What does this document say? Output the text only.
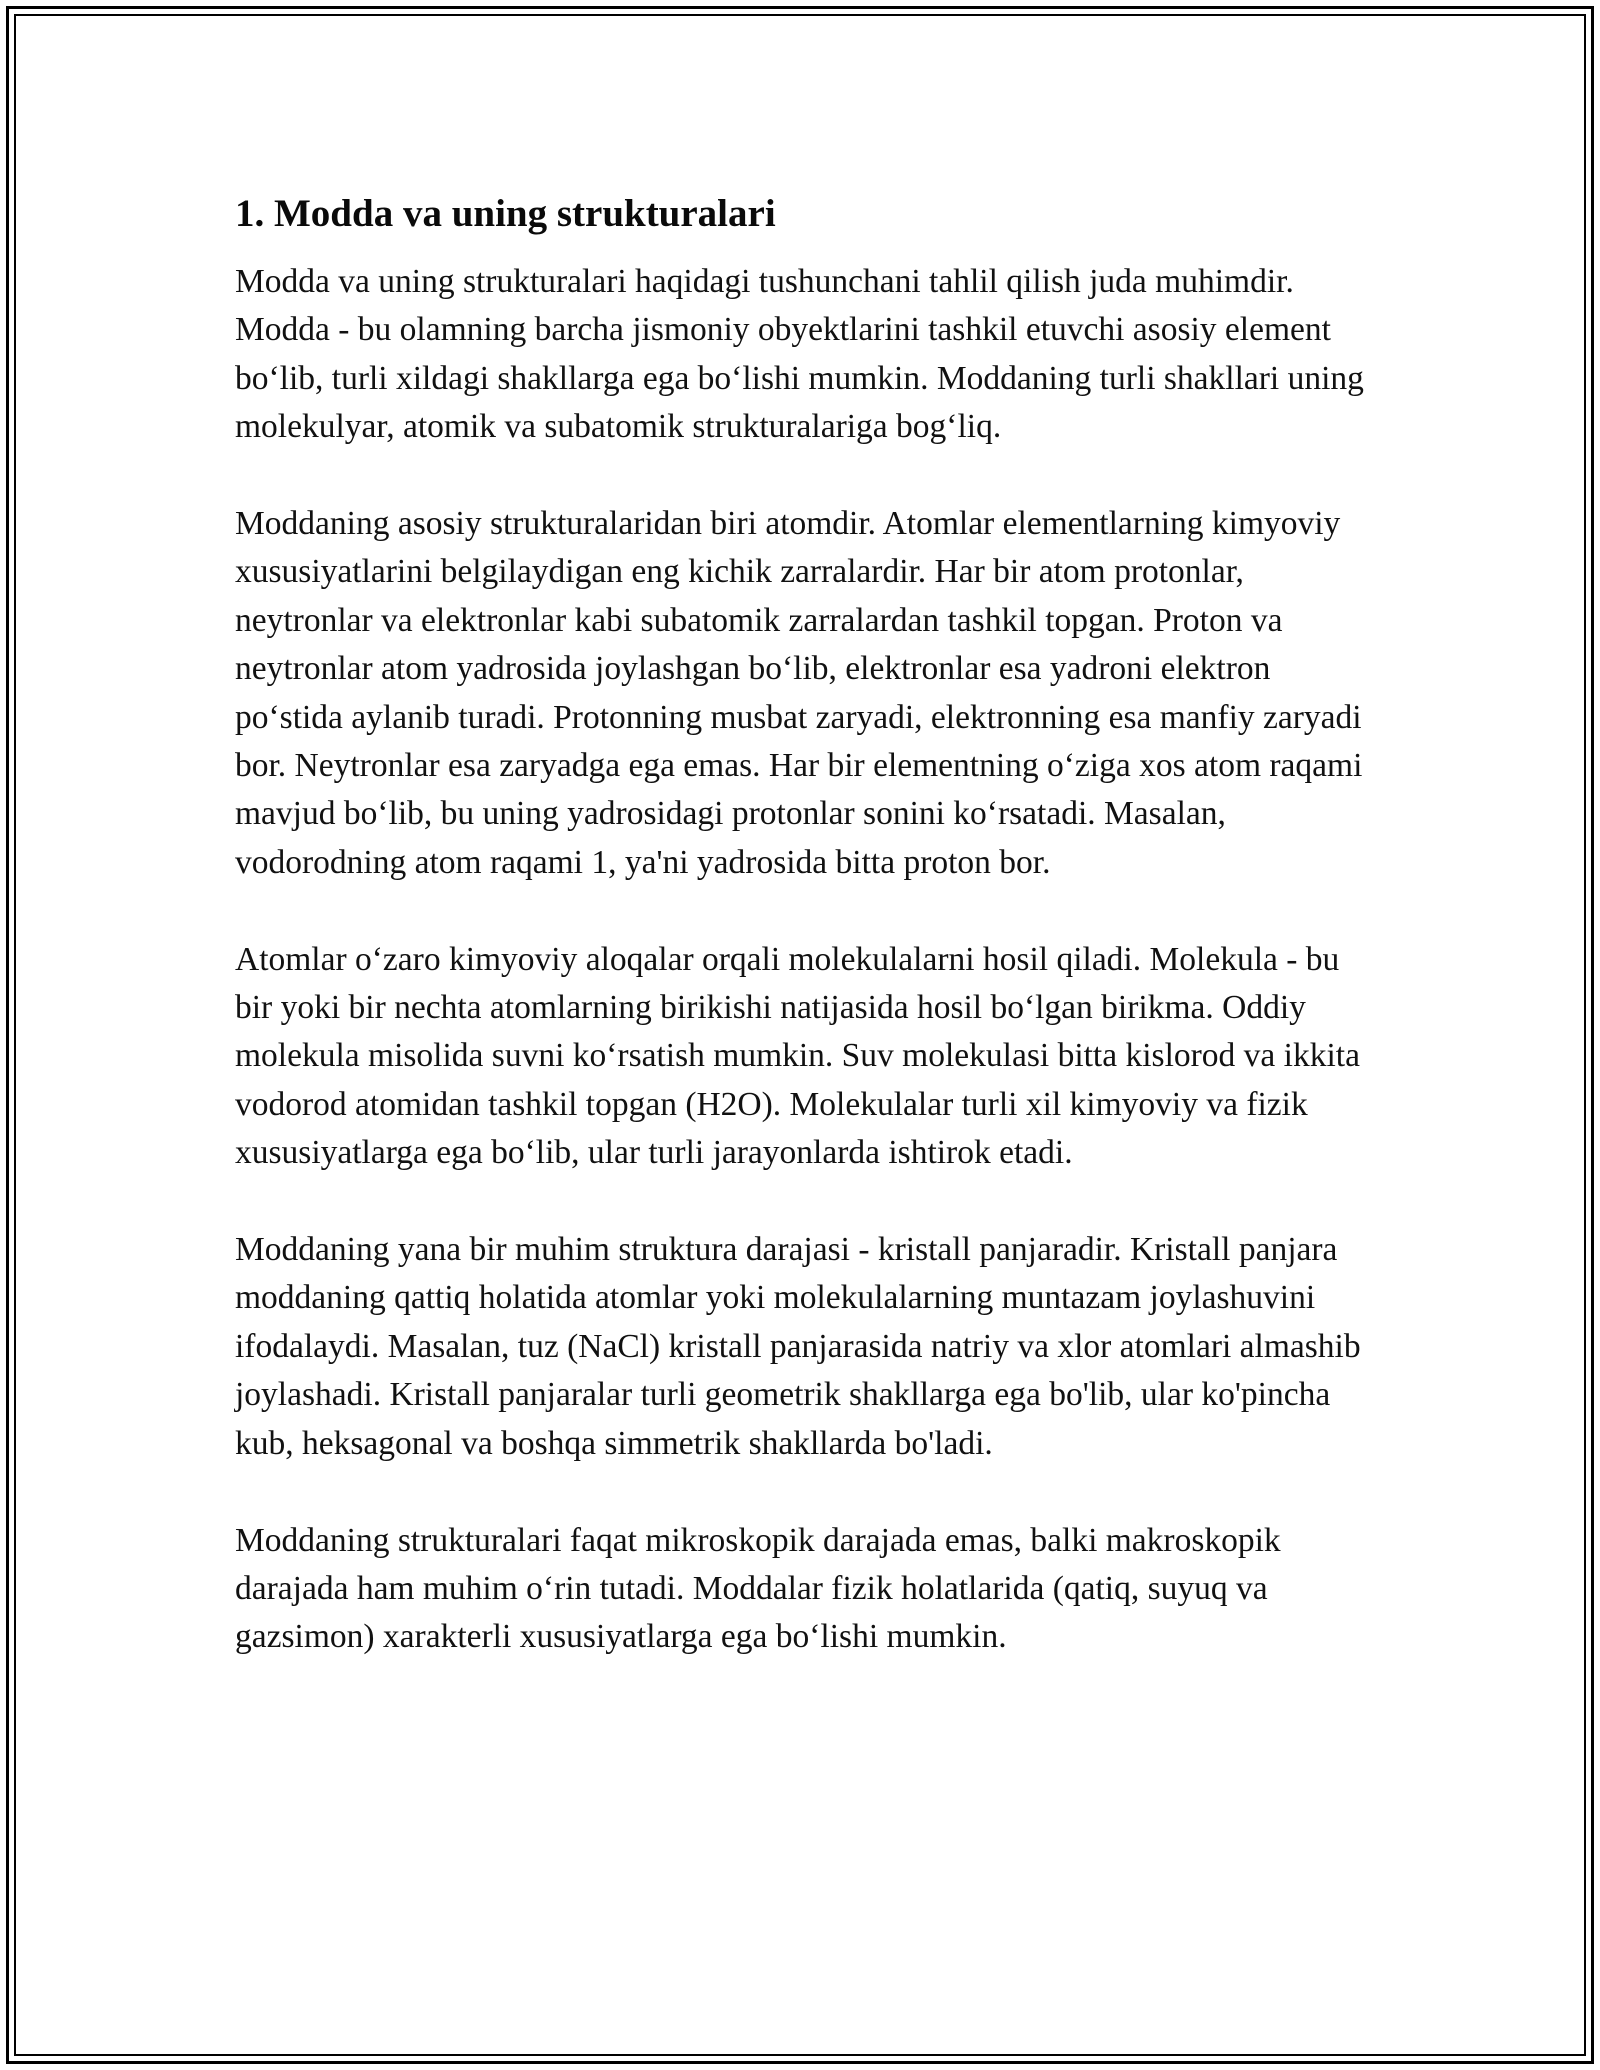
1. Modda va uning strukturalari

Modda va uning strukturalari haqidagi tushunchani tahlil qilish juda muhimdir. Modda - bu olamning barcha jismoniy obyektlarini tashkil etuvchi asosiy element bo‘lib, turli xildagi shakllarga ega bo‘lishi mumkin. Moddaning turli shakllari uning molekulyar, atomik va subatomik strukturalariga bog‘liq.

Moddaning asosiy strukturalaridan biri atomdir. Atomlar elementlarning kimyoviy xususiyatlarini belgilaydigan eng kichik zarralardir. Har bir atom protonlar, neytronlar va elektronlar kabi subatomik zarralardan tashkil topgan. Proton va neytronlar atom yadrosida joylashgan bo‘lib, elektronlar esa yadroni elektron po‘stida aylanib turadi. Protonning musbat zaryadi, elektronning esa manfiy zaryadi bor. Neytronlar esa zaryadga ega emas. Har bir elementning o‘ziga xos atom raqami mavjud bo‘lib, bu uning yadrosidagi protonlar sonini ko‘rsatadi. Masalan, vodorodning atom raqami 1, ya'ni yadrosida bitta proton bor.

Atomlar o‘zaro kimyoviy aloqalar orqali molekulalarni hosil qiladi. Molekula - bu bir yoki bir nechta atomlarning birikishi natijasida hosil bo‘lgan birikma. Oddiy molekula misolida suvni ko‘rsatish mumkin. Suv molekulasi bitta kislorod va ikkita vodorod atomidan tashkil topgan (H2O). Molekulalar turli xil kimyoviy va fizik xususiyatlarga ega bo‘lib, ular turli jarayonlarda ishtirok etadi.

Moddaning yana bir muhim struktura darajasi - kristall panjaradir. Kristall panjara moddaning qattiq holatida atomlar yoki molekulalarning muntazam joylashuvini ifodalaydi. Masalan, tuz (NaCl) kristall panjarasida natriy va xlor atomlari almashib joylashadi. Kristall panjaralar turli geometrik shakllarga ega bo'lib, ular ko'pincha kub, heksagonal va boshqa simmetrik shakllarda bo'ladi.

Moddaning strukturalari faqat mikroskopik darajada emas, balki makroskopik darajada ham muhim o‘rin tutadi. Moddalar fizik holatlarida (qatiq, suyuq va gazsimon) xarakterli xususiyatlarga ega bo‘lishi mumkin.
